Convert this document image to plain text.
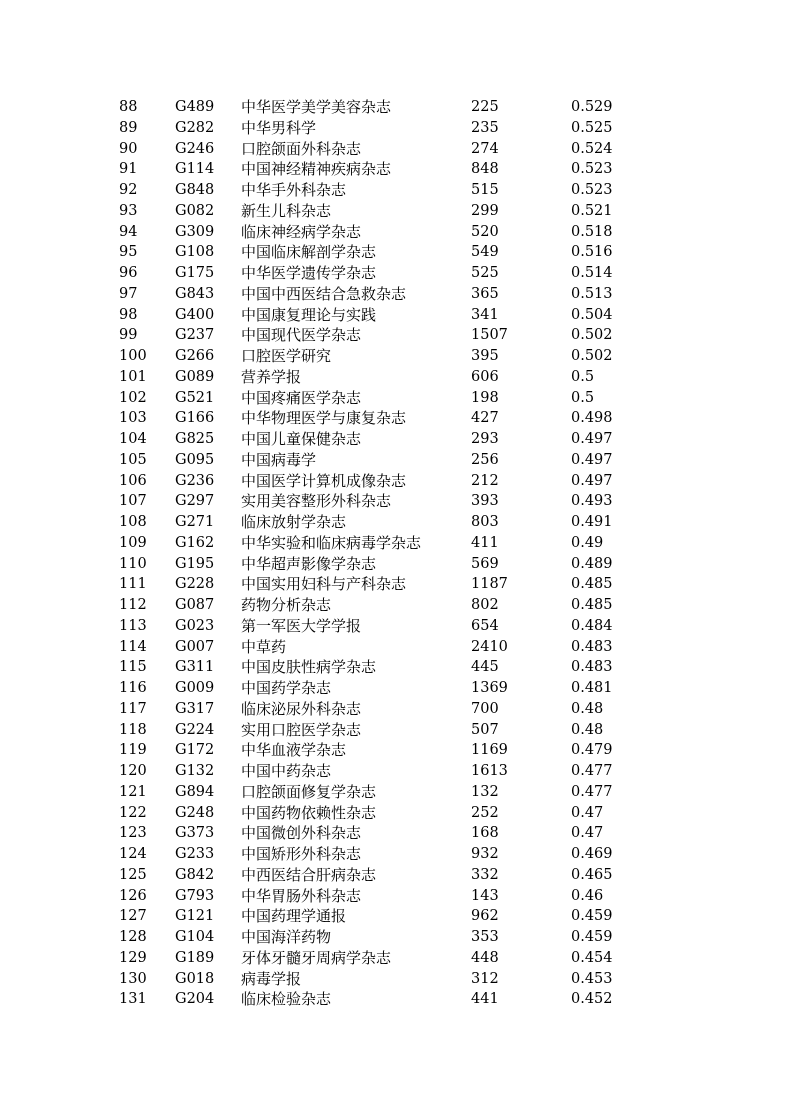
88	G489 中华医学美学美容杂志	225	0.529
89	G282 中华男科学	235	0.525
90	G246 口腔颌面外科杂志	274	0.524
91	G114 中国神经精神疾病杂志	848	0.523
92	G848 中华手外科杂志	515	0.523
93	G082 新生儿科杂志	299	0.521
94	G309 临床神经病学杂志	520	0.518
95	G108 中国临床解剖学杂志	549	0.516
96	G175 中华医学遗传学杂志	525	0.514
97	G843 中国中西医结合急救杂志	365	0.513
98	G400 中国康复理论与实践	341	0.504
99	G237 中国现代医学杂志	1507	0.502
100 G266 口腔医学研究	395	0.502
101 G089 营养学报	606	0.5
102 G521 中国疼痛医学杂志	198	0.5
103 G166 中华物理医学与康复杂志	427	0.498
104 G825 中国儿童保健杂志	293	0.497
105 G095 中国病毒学	256	0.497
106 G236 中国医学计算机成像杂志	212	0.497
107 G297 实用美容整形外科杂志	393	0.493
108 G271 临床放射学杂志	803	0.491
109 G162 中华实验和临床病毒学杂志	411	0.49
110 G195 中华超声影像学杂志	569	0.489
111 G228 中国实用妇科与产科杂志	1187	0.485
112 G087 药物分析杂志	802	0.485
113 G023 第一军医大学学报	654	0.484
114 G007 中草药	2410	0.483
115 G311 中国皮肤性病学杂志	445	0.483
116 G009 中国药学杂志	1369	0.481
117 G317 临床泌尿外科杂志	700	0.48
118 G224 实用口腔医学杂志	507	0.48
119 G172 中华血液学杂志	1169	0.479
120 G132 中国中药杂志	1613	0.477
121 G894 口腔颌面修复学杂志	132	0.477
122 G248 中国药物依赖性杂志	252	0.47
123 G373 中国微创外科杂志	168	0.47
124 G233 中国矫形外科杂志	932	0.469
125 G842 中西医结合肝病杂志	332	0.465
126 G793 中华胃肠外科杂志	143	0.46
127 G121 中国药理学通报	962	0.459
128 G104 中国海洋药物	353	0.459
129 G189 牙体牙髓牙周病学杂志	448	0.454
130 G018 病毒学报	312	0.453
131 G204 临床检验杂志	441	0.452
